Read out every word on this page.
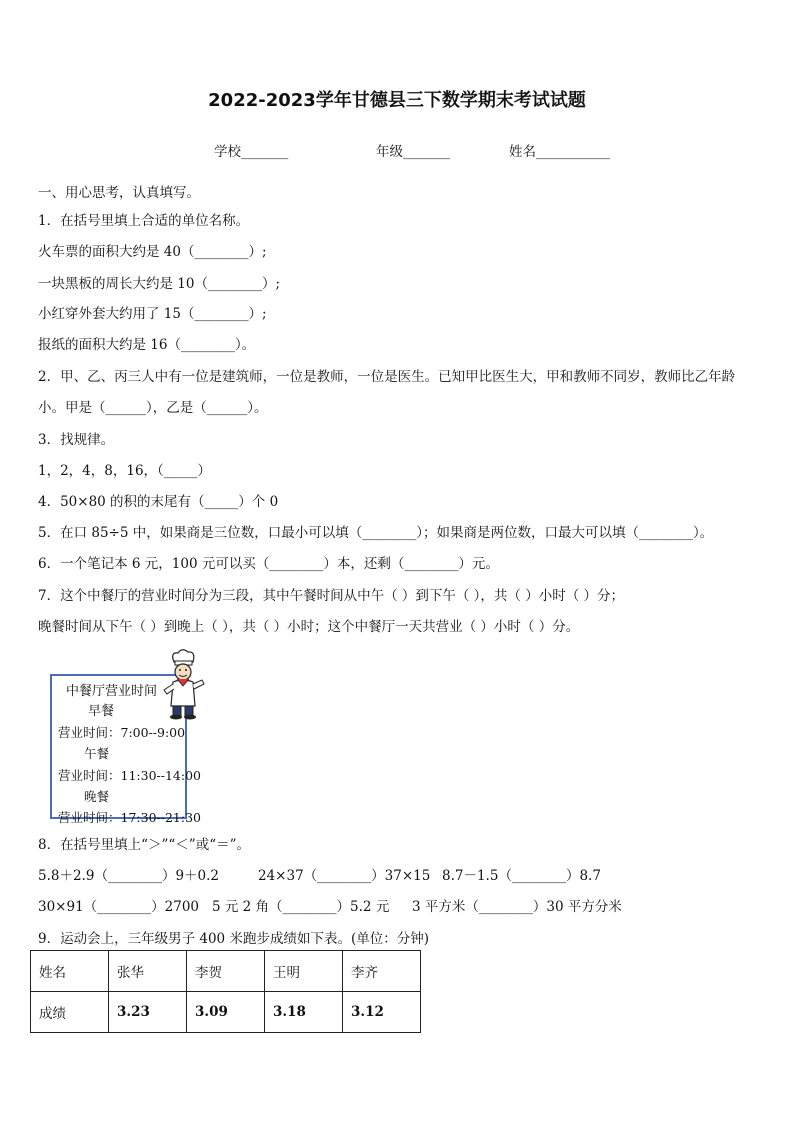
2022-2023学年甘德县三下数学期末考试试题
学校_______	年级_______	姓名___________
一、用心思考，认真填写。
1．在括号里填上合适的单位名称。
火车票的面积大约是 40（________）;
一块黑板的周长大约是 10（________）;
小红穿外套大约用了 15（________）;
报纸的面积大约是 16（________）。
2．甲、乙、丙三人中有一位是建筑师，一位是教师，一位是医生。已知甲比医生大，甲和教师不同岁，教师比乙年龄
小。甲是（______），乙是（______）。
3．找规律。
1，2，4，8，16，（_____）
4．50×80 的积的末尾有（_____）个 0
5．在口 85÷5 中，如果商是三位数，口最小可以填（________）；如果商是两位数，口最大可以填（________）。
6．一个笔记本 6 元，100 元可以买（________）本，还剩（________）元。
7．这个中餐厅的营业时间分为三段，其中午餐时间从中午（ ）到下午（ ），共（ ）小时（ ）分；
晚餐时间从下午（ ）到晚上（ ），共（ ）小时；这个中餐厅一天共营业（ ）小时（ ）分。
中餐厅营业时间
早餐
营业时间：7:00--9:00
午餐
营业时间：11:30--14:00
晚餐
营业时间：17:30--21:30
8．在括号里填上“＞”“＜”或“＝”。
5.8＋2.9（________）9＋0.2	24×37（________）37×15 8.7－1.5（________）8.7
30×91（________）2700 5 元 2 角（________）5.2 元 3 平方米（________）30 平方分米
9．运动会上，三年级男子 400 米跑步成绩如下表。(单位：分钟)
姓名	张华	李贺	王明	李齐
成绩	3.23	3.09	3.18	3.12
